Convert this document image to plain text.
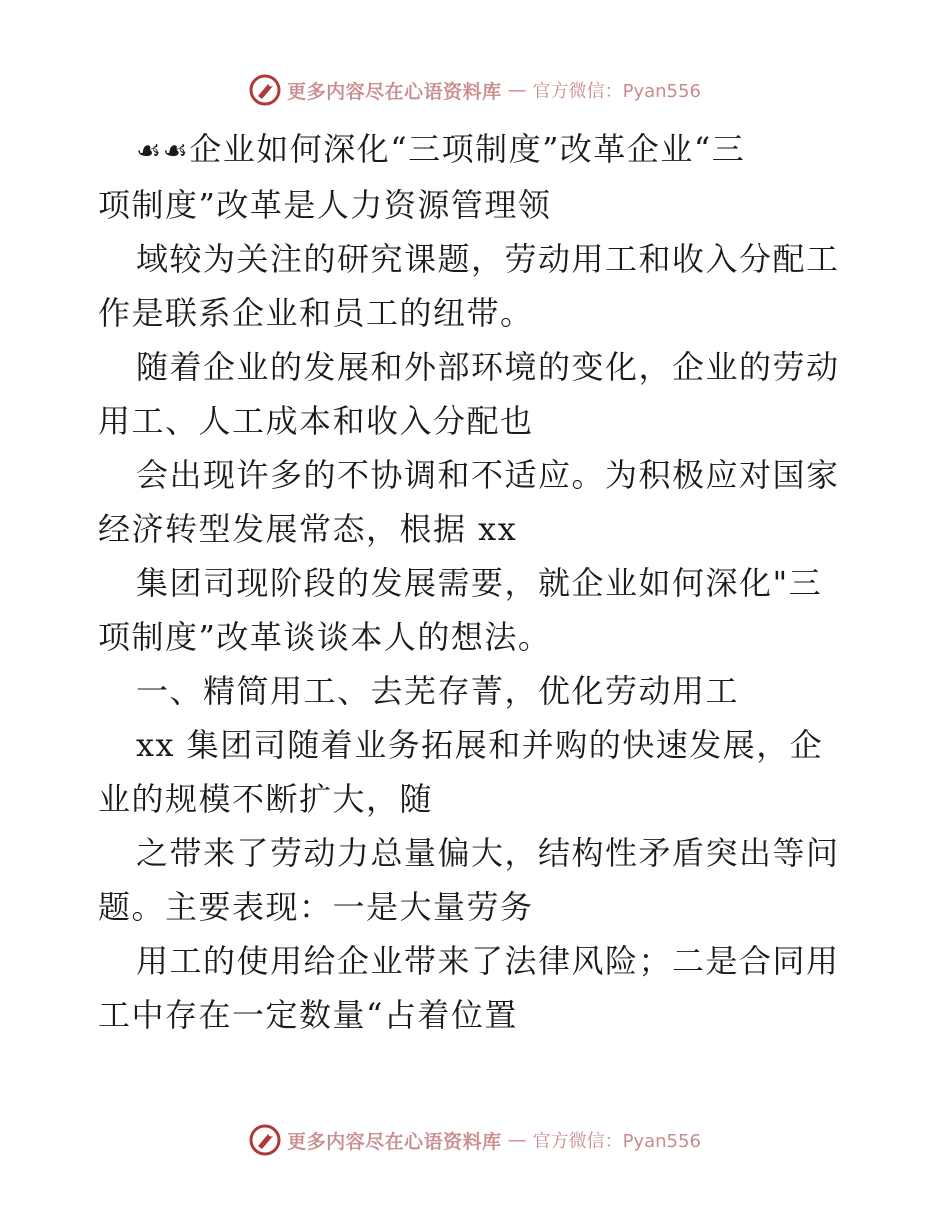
更多内容尽在心语资料库 — 官方微信：Pyan556

☙☙企业如何深化“三项制度”改革企业“三
项制度”改革是人力资源管理领

域较为关注的研究课题，劳动用工和收入分配工
作是联系企业和员工的纽带。

随着企业的发展和外部环境的变化，企业的劳动
用工、人工成本和收入分配也

会出现许多的不协调和不适应。为积极应对国家
经济转型发展常态，根据 xx

集团司现阶段的发展需要，就企业如何深化"三
项制度”改革谈谈本人的想法。

一、精简用工、去芜存菁，优化劳动用工

xx 集团司随着业务拓展和并购的快速发展，企
业的规模不断扩大，随

之带来了劳动力总量偏大，结构性矛盾突出等问
题。主要表现：一是大量劳务

用工的使用给企业带来了法律风险；二是合同用
工中存在一定数量“占着位置

更多内容尽在心语资料库 — 官方微信：Pyan556
